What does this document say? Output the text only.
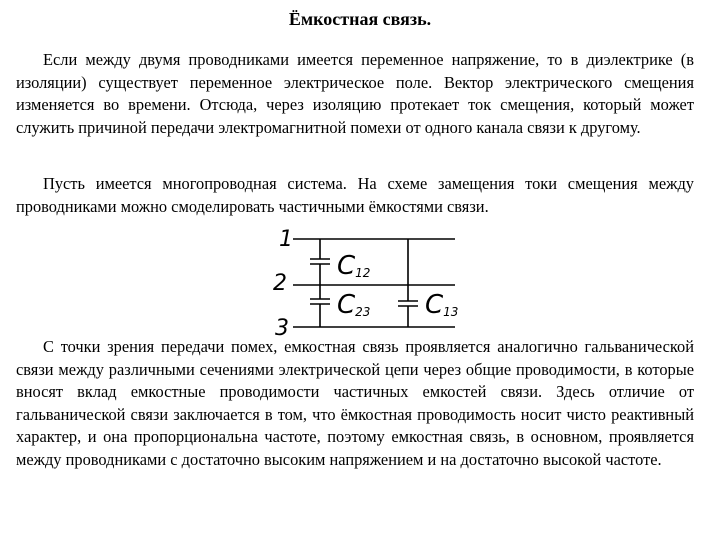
Ёмкостная связь.

Если между двумя проводниками имеется переменное напряжение, то в диэлектрике (в изоляции) существует переменное электрическое поле. Вектор электрического смещения изменяется во времени. Отсюда, через изоляцию протекает ток смещения, который может служить причиной передачи электромагнитной помехи от одного канала связи к другому.

Пусть имеется многопроводная система. На схеме замещения токи смещения между проводниками можно смоделировать частичными ёмкостями связи.

1
2
3
C12
C23 C13

С точки зрения передачи помех, емкостная связь проявляется аналогично гальванической связи между различными сечениями электрической цепи через общие проводимости, в которые вносят вклад емкостные проводимости частичных емкостей связи. Здесь отличие от гальванической связи заключается в том, что ёмкостная проводимость носит чисто реактивный характер, и она пропорциональна частоте, поэтому емкостная связь, в основном, проявляется между проводниками с достаточно высоким напряжением и на достаточно высокой частоте.
